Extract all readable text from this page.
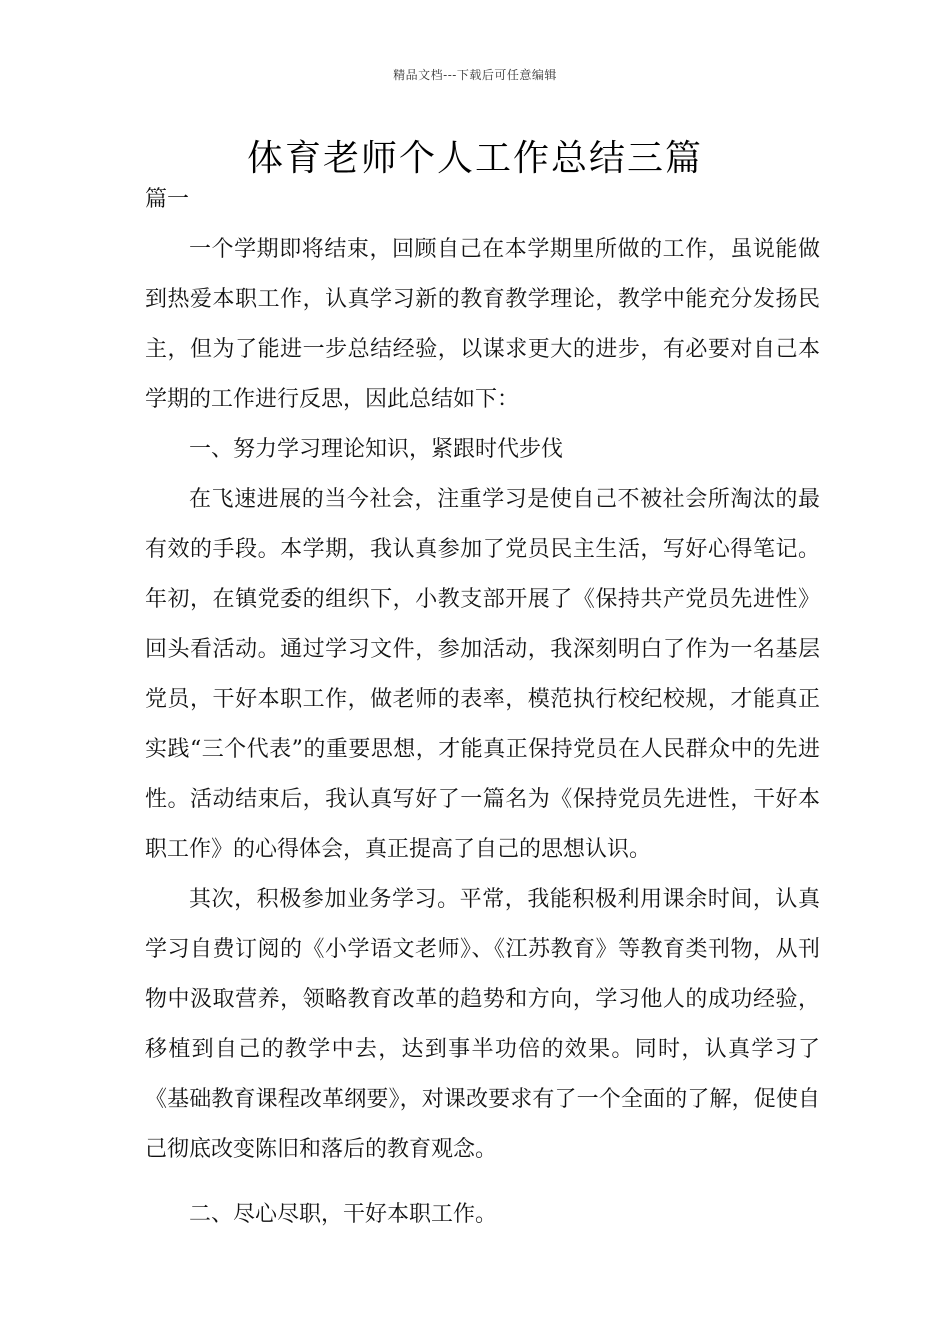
精品文档---下载后可任意编辑
体育老师个人工作总结三篇

篇一

一个学期即将结束，回顾自己在本学期里所做的工作，虽说能做到热爱本职工作，认真学习新的教育教学理论，教学中能充分发扬民主，但为了能进一步总结经验，以谋求更大的进步，有必要对自己本学期的工作进行反思，因此总结如下：

一、努力学习理论知识，紧跟时代步伐

在飞速进展的当今社会，注重学习是使自己不被社会所淘汰的最有效的手段。本学期，我认真参加了党员民主生活，写好心得笔记。年初，在镇党委的组织下，小教支部开展了《保持共产党员先进性》回头看活动。通过学习文件，参加活动，我深刻明白了作为一名基层党员，干好本职工作，做老师的表率，模范执行校纪校规，才能真正实践“三个代表”的重要思想，才能真正保持党员在人民群众中的先进性。活动结束后，我认真写好了一篇名为《保持党员先进性，干好本职工作》的心得体会，真正提高了自己的思想认识。

其次，积极参加业务学习。平常，我能积极利用课余时间，认真学习自费订阅的《小学语文老师》、《江苏教育》等教育类刊物，从刊物中汲取营养，领略教育改革的趋势和方向，学习他人的成功经验，移植到自己的教学中去，达到事半功倍的效果。同时，认真学习了《基础教育课程改革纲要》，对课改要求有了一个全面的了解，促使自己彻底改变陈旧和落后的教育观念。

二、尽心尽职，干好本职工作。
